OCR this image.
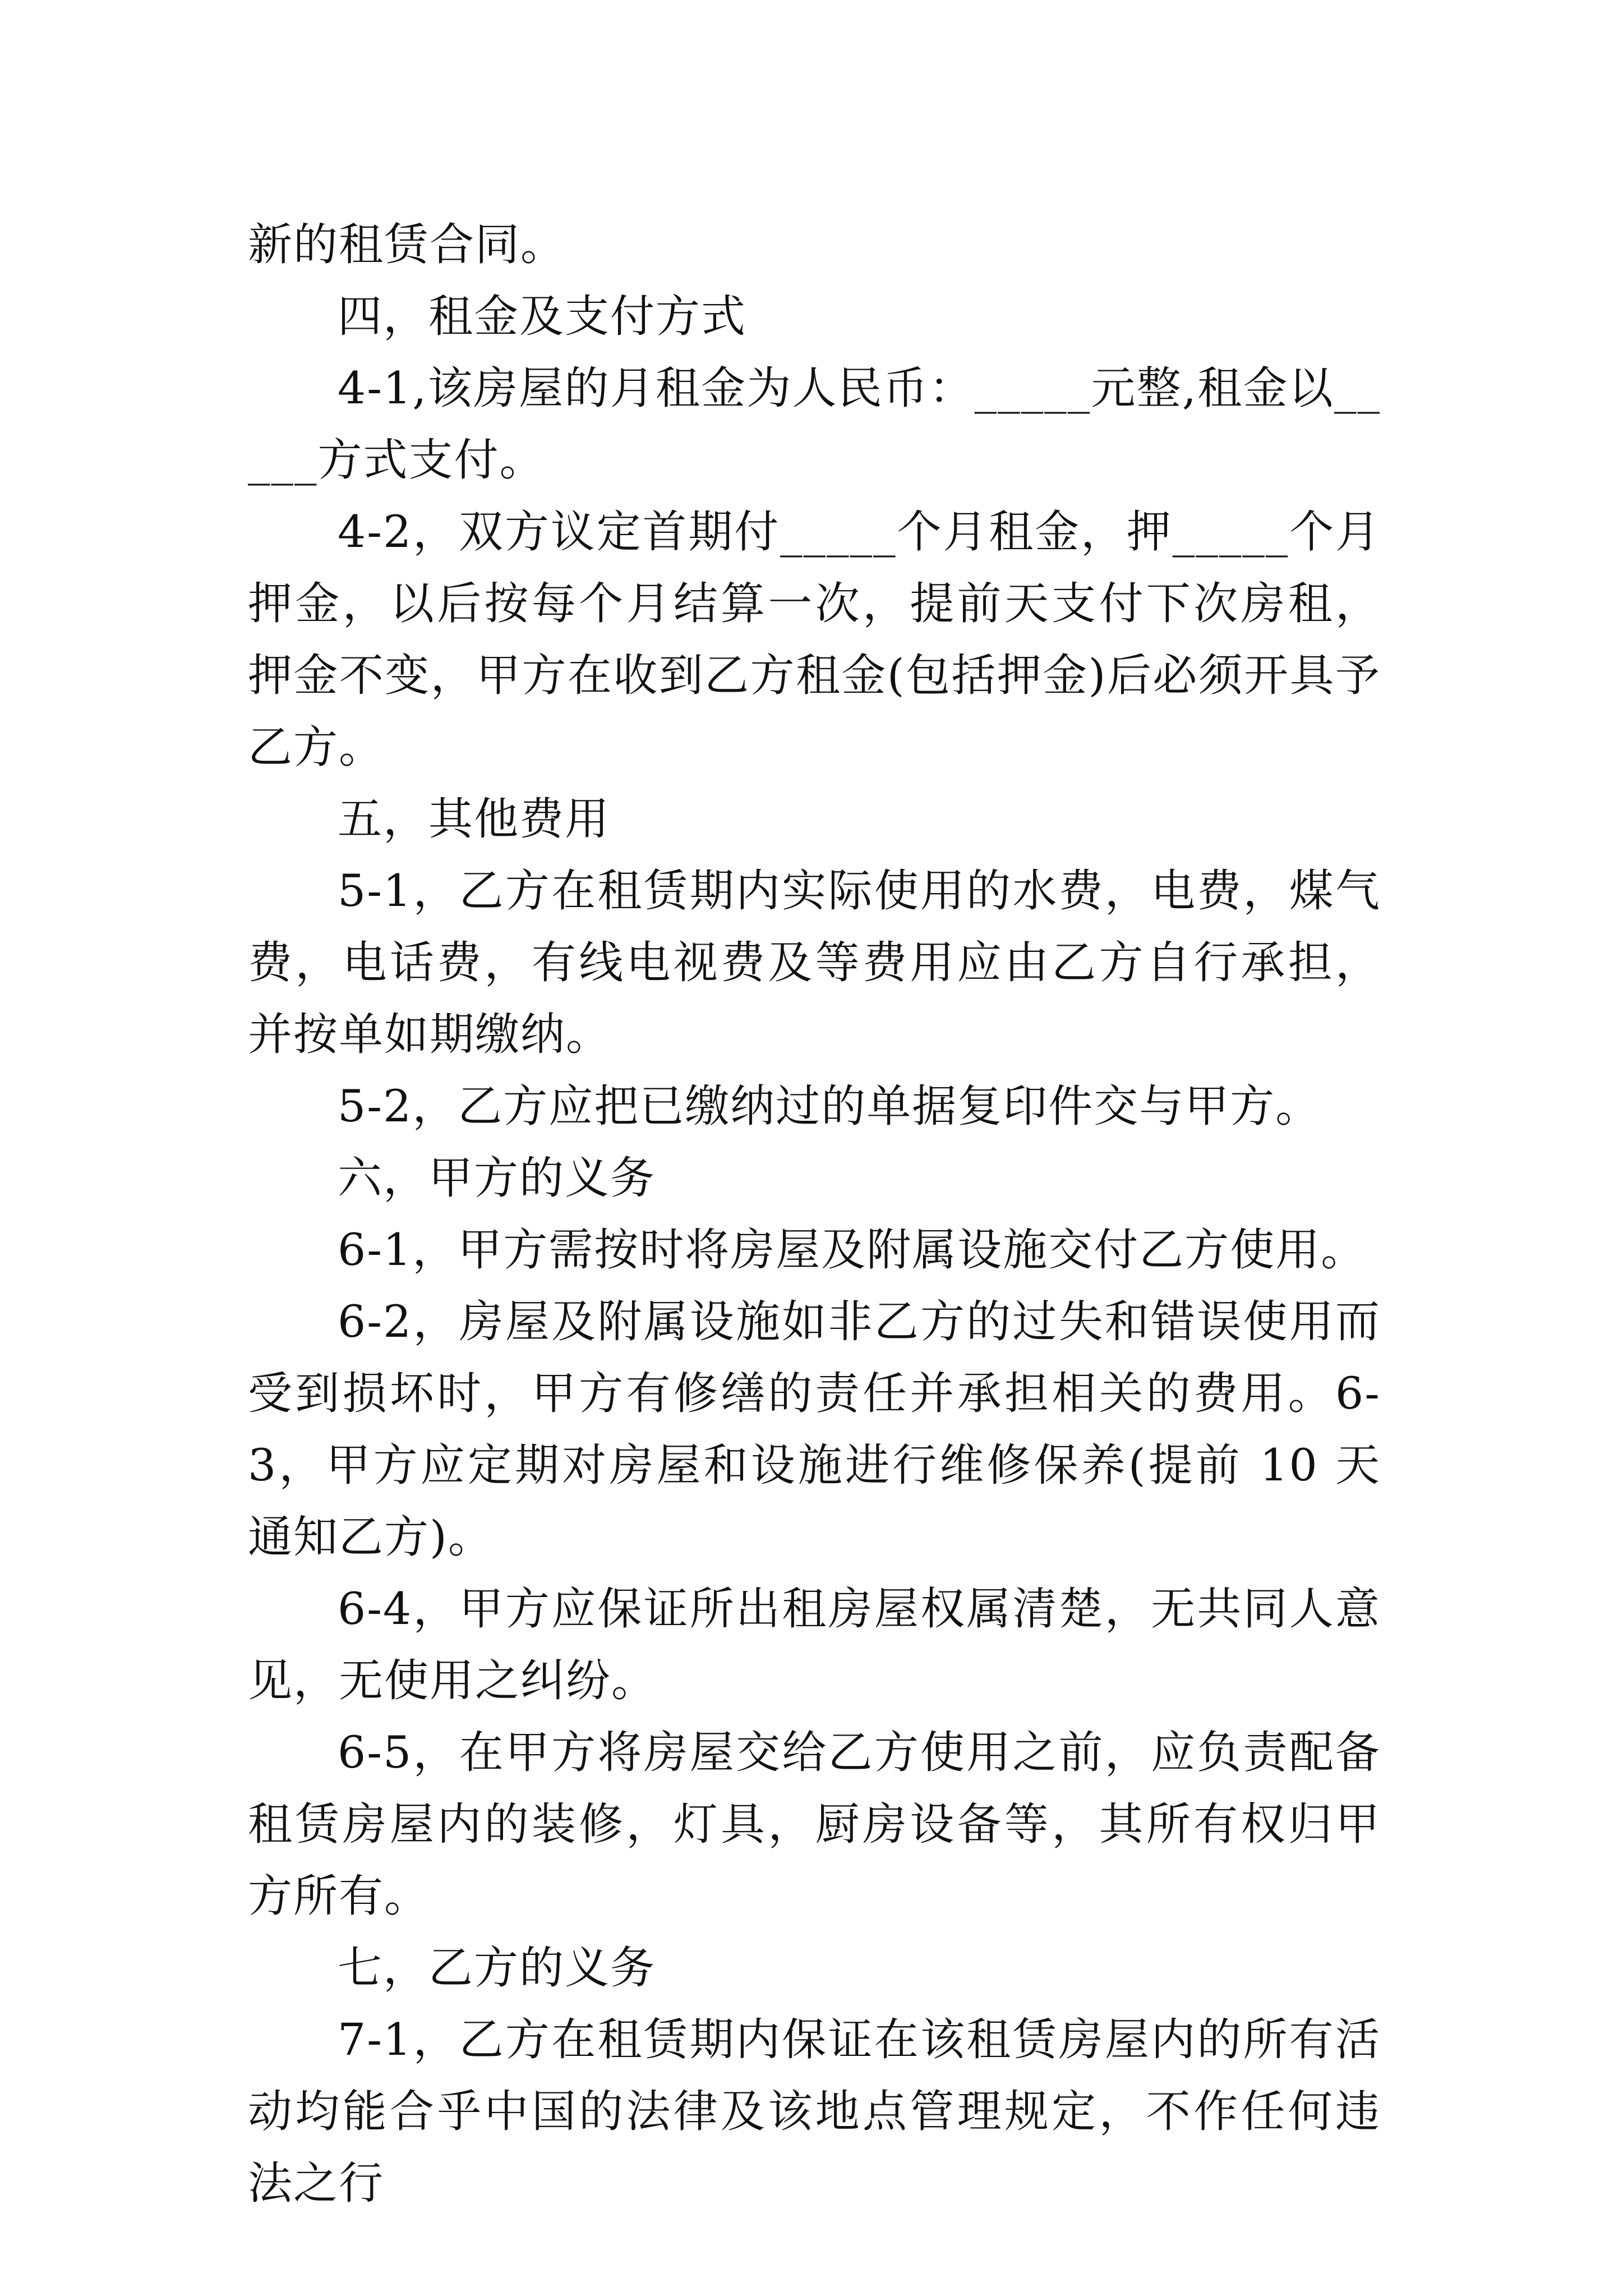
新的租赁合同。

四，租金及支付方式

4-1,该房屋的月租金为人民币：_____元整,租金以_____方式支付。

4-2，双方议定首期付_____个月租金，押_____个月押金，以后按每个月结算一次，提前天支付下次房租，押金不变，甲方在收到乙方租金(包括押金)后必须开具予乙方。

五，其他费用

5-1，乙方在租赁期内实际使用的水费，电费，煤气费，电话费，有线电视费及等费用应由乙方自行承担，并按单如期缴纳。

5-2，乙方应把已缴纳过的单据复印件交与甲方。

六，甲方的义务

6-1，甲方需按时将房屋及附属设施交付乙方使用。

6-2，房屋及附属设施如非乙方的过失和错误使用而受到损坏时，甲方有修缮的责任并承担相关的费用。6-3，甲方应定期对房屋和设施进行维修保养(提前 10 天通知乙方)。

6-4，甲方应保证所出租房屋权属清楚，无共同人意见，无使用之纠纷。

6-5，在甲方将房屋交给乙方使用之前，应负责配备租赁房屋内的装修，灯具，厨房设备等，其所有权归甲方所有。

七，乙方的义务

7-1，乙方在租赁期内保证在该租赁房屋内的所有活动均能合乎中国的法律及该地点管理规定，不作任何违法之行
